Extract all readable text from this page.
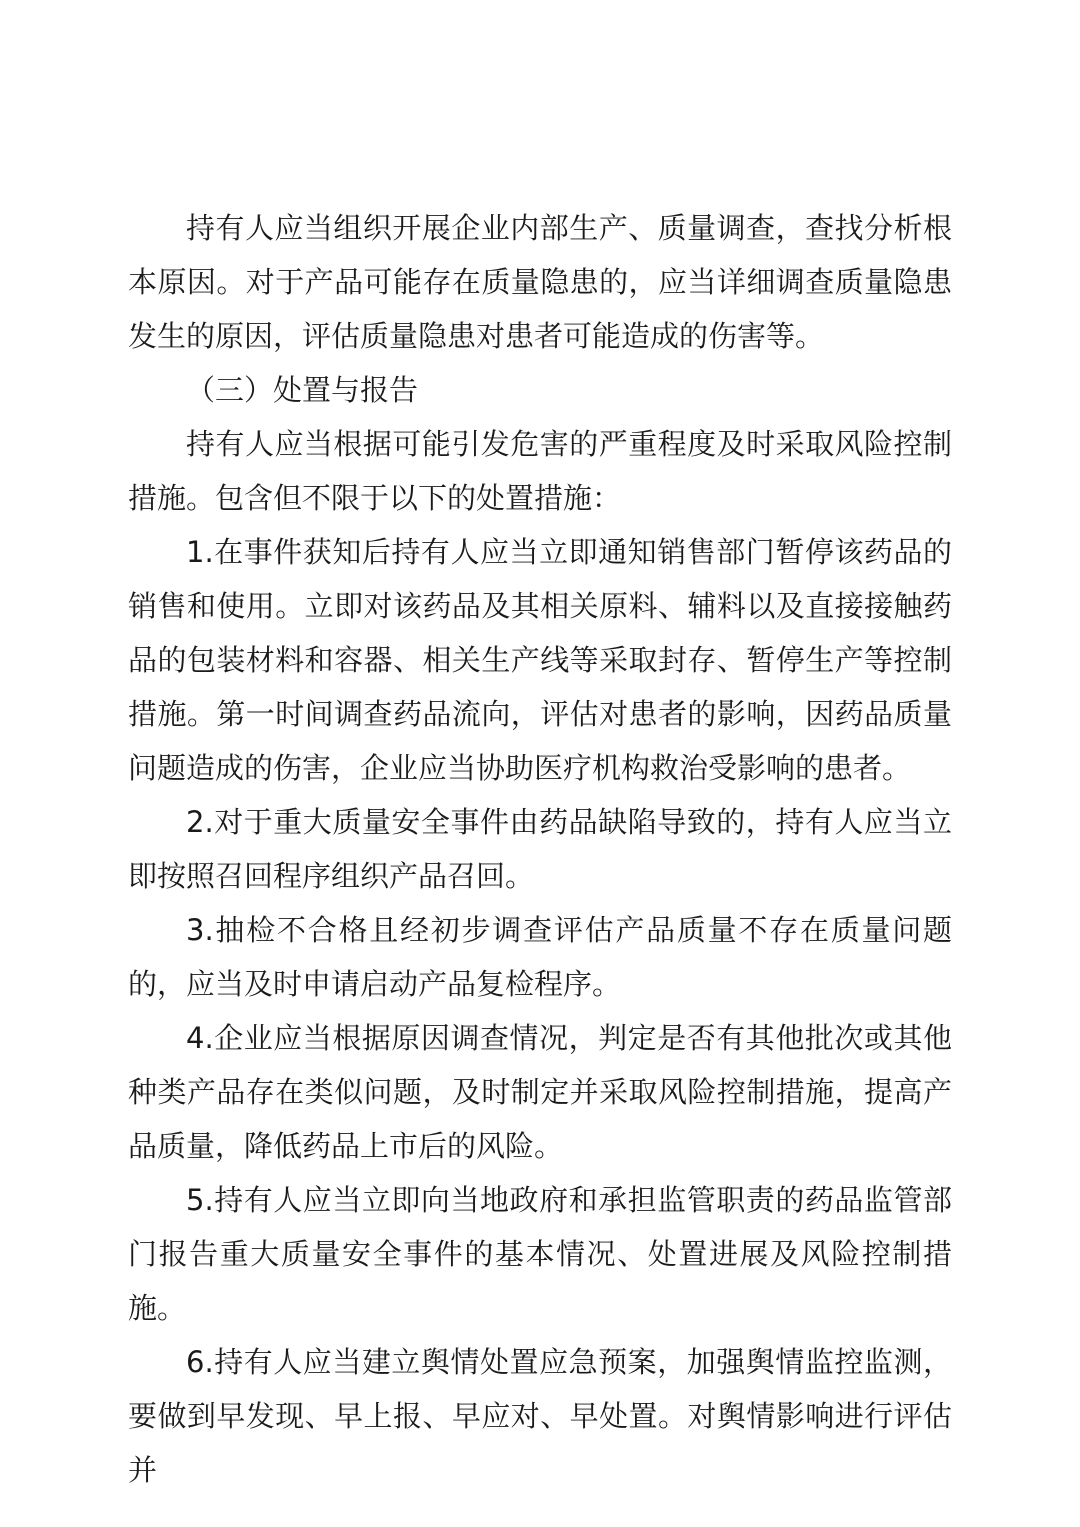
持有人应当组织开展企业内部生产、质量调查，查找分析根本原因。对于产品可能存在质量隐患的，应当详细调查质量隐患发生的原因，评估质量隐患对患者可能造成的伤害等。

（三）处置与报告

持有人应当根据可能引发危害的严重程度及时采取风险控制措施。包含但不限于以下的处置措施：

1.在事件获知后持有人应当立即通知销售部门暂停该药品的销售和使用。立即对该药品及其相关原料、辅料以及直接接触药品的包装材料和容器、相关生产线等采取封存、暂停生产等控制措施。第一时间调查药品流向，评估对患者的影响，因药品质量问题造成的伤害，企业应当协助医疗机构救治受影响的患者。

2.对于重大质量安全事件由药品缺陷导致的，持有人应当立即按照召回程序组织产品召回。

3.抽检不合格且经初步调查评估产品质量不存在质量问题的，应当及时申请启动产品复检程序。

4.企业应当根据原因调查情况，判定是否有其他批次或其他种类产品存在类似问题，及时制定并采取风险控制措施，提高产品质量，降低药品上市后的风险。

5.持有人应当立即向当地政府和承担监管职责的药品监管部门报告重大质量安全事件的基本情况、处置进展及风险控制措施。

6.持有人应当建立舆情处置应急预案，加强舆情监控监测，要做到早发现、早上报、早应对、早处置。对舆情影响进行评估并
